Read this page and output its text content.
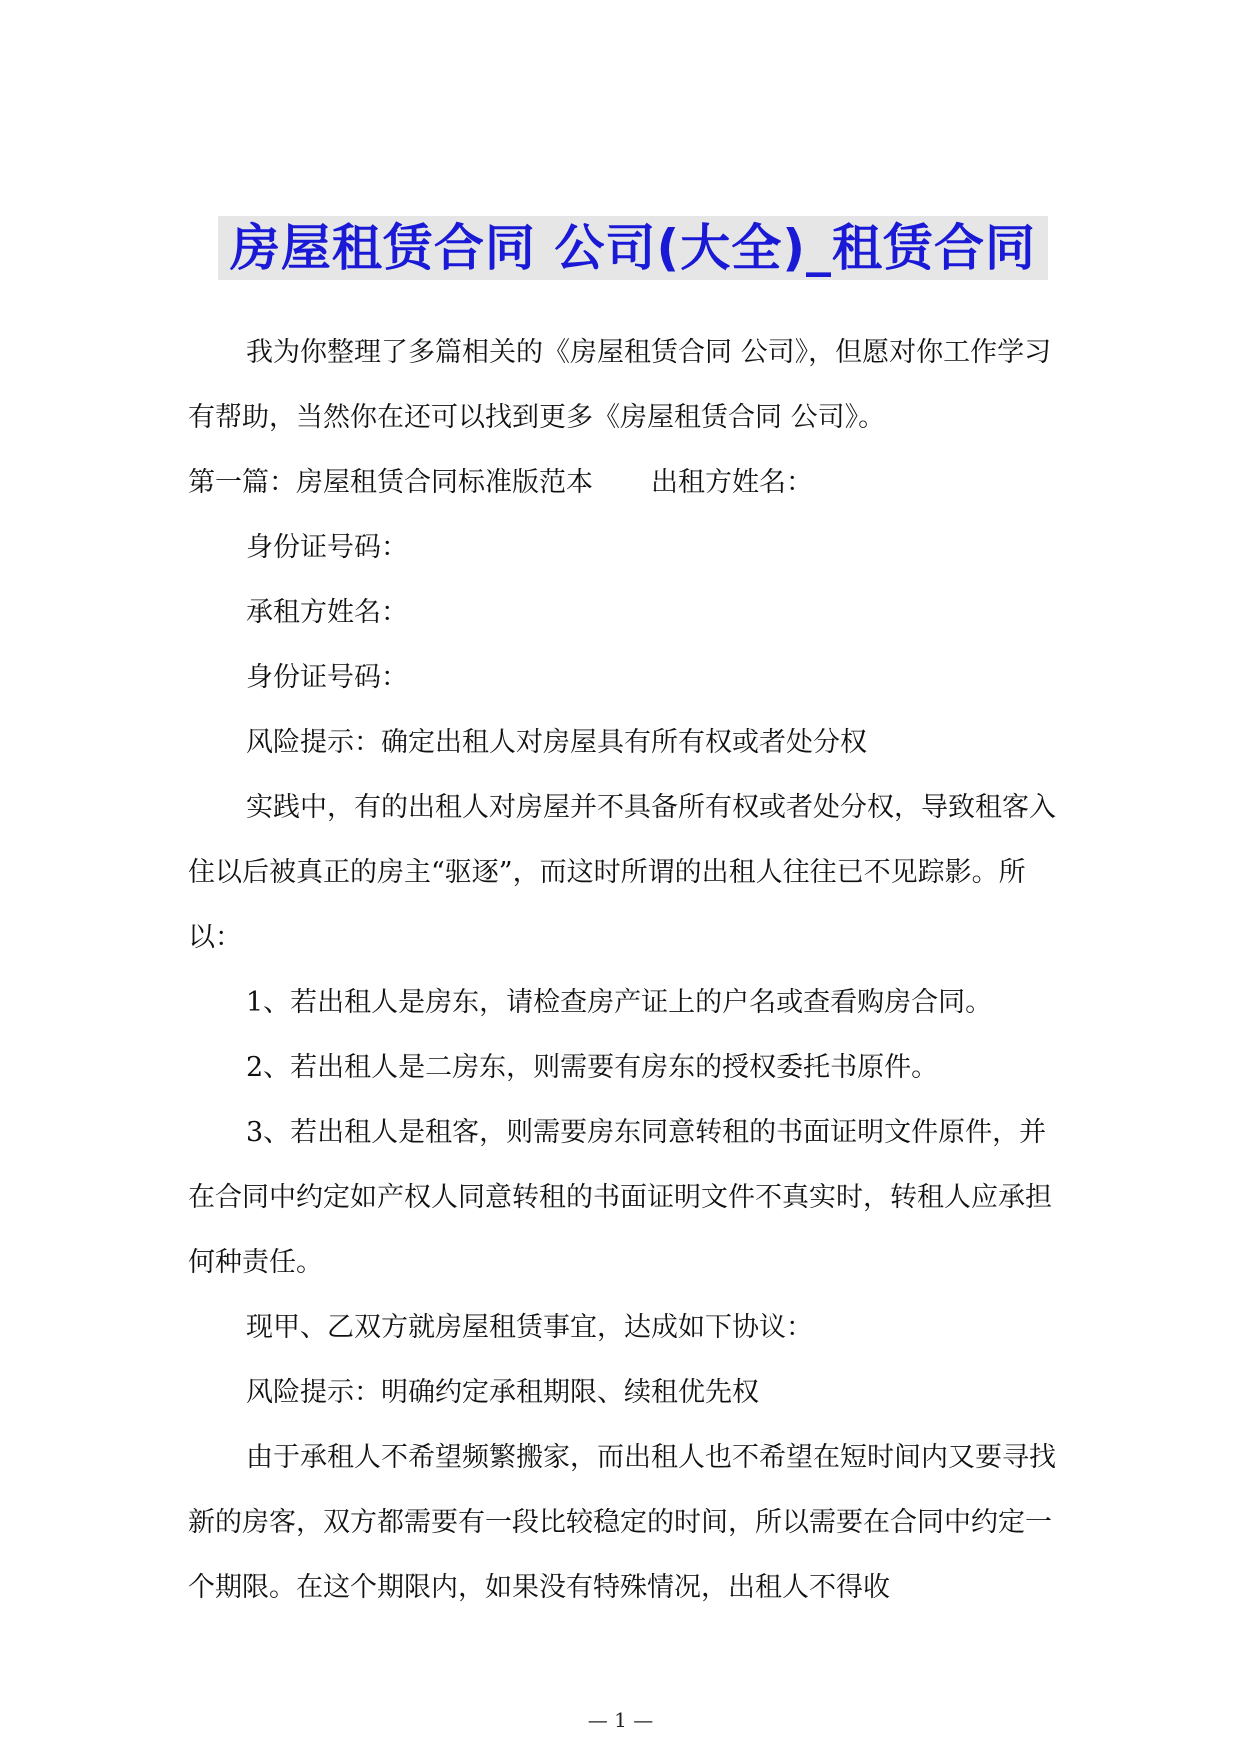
房屋租赁合同 公司(大全)_租赁合同

我为你整理了多篇相关的《房屋租赁合同 公司》，但愿对你工作学习有帮助，当然你在还可以找到更多《房屋租赁合同 公司》。

第一篇：房屋租赁合同标准版范本 出租方姓名：

身份证号码：

承租方姓名：

身份证号码：

风险提示：确定出租人对房屋具有所有权或者处分权

实践中，有的出租人对房屋并不具备所有权或者处分权，导致租客入住以后被真正的房主“驱逐”，而这时所谓的出租人往往已不见踪影。所以：

1、若出租人是房东，请检查房产证上的户名或查看购房合同。

2、若出租人是二房东，则需要有房东的授权委托书原件。

3、若出租人是租客，则需要房东同意转租的书面证明文件原件，并在合同中约定如产权人同意转租的书面证明文件不真实时，转租人应承担何种责任。

现甲、乙双方就房屋租赁事宜，达成如下协议：

风险提示：明确约定承租期限、续租优先权

由于承租人不希望频繁搬家，而出租人也不希望在短时间内又要寻找新的房客，双方都需要有一段比较稳定的时间，所以需要在合同中约定一个期限。在这个期限内，如果没有特殊情况，出租人不得收

— 1 —
